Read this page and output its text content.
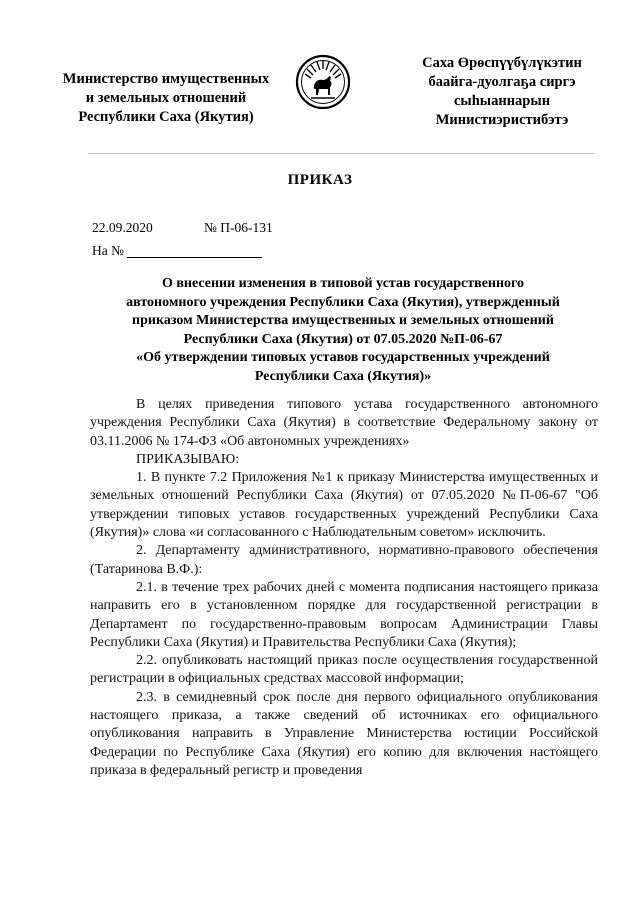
Министерство имущественных
и земельных отношений
Республики Саха (Якутия)
Саха Өрөспүүбүлүкэтин
баайга-дуолгаҕа сиргэ
сыһыаннарын
Министиэристибэтэ
ПРИКАЗ
22.09.2020	№ П-06-131
На №
О внесении изменения в типовой устав государственного
автономного учреждения Республики Саха (Якутия), утвержденный
приказом Министерства имущественных и земельных отношений
Республики Саха (Якутия) от 07.05.2020 №П-06-67
«Об утверждении типовых уставов государственных учреждений
Республики Саха (Якутия)»

В целях приведения типового устава государственного автономного учреждения Республики Саха (Якутия) в соответствие Федеральному закону от 03.11.2006 № 174-ФЗ «Об автономных учреждениях»

ПРИКАЗЫВАЮ:

1. В пункте 7.2 Приложения №1 к приказу Министерства имущественных и земельных отношений Республики Саха (Якутия) от 07.05.2020 №П-06-67 "Об утверждении типовых уставов государственных учреждений Республики Саха (Якутия)» слова «и согласованного с Наблюдательным советом» исключить.

2. Департаменту административного, нормативно-правового обеспечения (Татаринова В.Ф.):

2.1. в течение трех рабочих дней с момента подписания настоящего приказа направить его в установленном порядке для государственной регистрации в Департамент по государственно-правовым вопросам Администрации Главы Республики Саха (Якутия) и Правительства Республики Саха (Якутия);

2.2. опубликовать настоящий приказ после осуществления государственной регистрации в официальных средствах массовой информации;

2.3. в семидневный срок после дня первого официального опубликования настоящего приказа, а также сведений об источниках его официального опубликования направить в Управление Министерства юстиции Российской Федерации по Республике Саха (Якутия) его копию для включения настоящего приказа в федеральный регистр и проведения
